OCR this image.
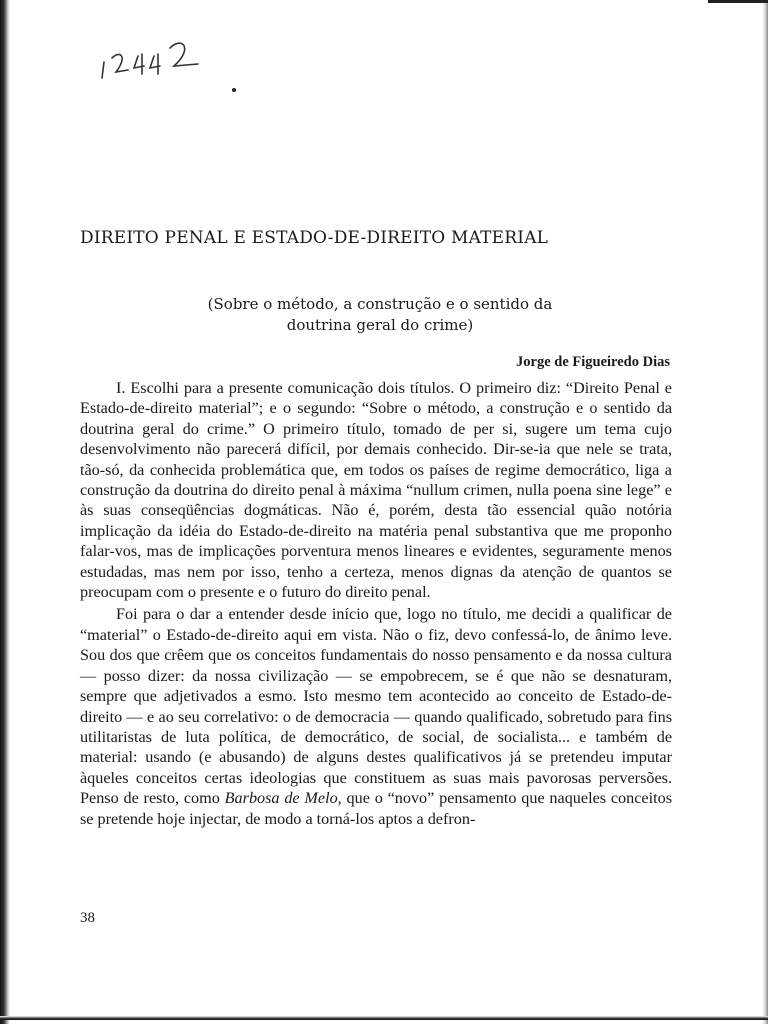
DIREITO PENAL E ESTADO-DE-DIREITO MATERIAL
(Sobre o método, a construção e o sentido da
doutrina geral do crime)
Jorge de Figueiredo Dias

I. Escolhi para a presente comunicação dois títulos. O primeiro diz: “Direito Penal e Estado-de-direito material”; e o segundo: “Sobre o método, a construção e o sentido da doutrina geral do crime.” O primeiro título, tomado de per si, sugere um tema cujo desenvolvimento não parecerá difícil, por demais conhecido. Dir-se-ia que nele se trata, tão-só, da conhecida problemática que, em todos os países de regime democrático, liga a construção da doutrina do direito penal à máxima “nullum crimen, nulla poena sine lege” e às suas conseqüências dogmáticas. Não é, porém, desta tão essencial quão notória implicação da idéia do Estado-de-direito na matéria penal substantiva que me proponho falar-vos, mas de implicações porventura menos lineares e evidentes, seguramente menos estudadas, mas nem por isso, tenho a certeza, menos dignas da atenção de quantos se preocupam com o presente e o futuro do direito penal.

Foi para o dar a entender desde início que, logo no título, me decidi a qualificar de “material” o Estado-de-direito aqui em vista. Não o fiz, devo confessá-lo, de ânimo leve. Sou dos que crêem que os conceitos fundamentais do nosso pensamento e da nossa cultura — posso dizer: da nossa civilização — se empobrecem, se é que não se desnaturam, sempre que adjetivados a esmo. Isto mesmo tem acontecido ao conceito de Estado-de-direito — e ao seu correlativo: o de democracia — quando qualificado, sobretudo para fins utilitaristas de luta política, de democrático, de social, de socialista... e também de material: usando (e abusando) de alguns destes qualificativos já se pretendeu imputar àqueles conceitos certas ideologias que constituem as suas mais pavorosas perversões. Penso de resto, como Barbosa de Melo, que o “novo” pensamento que naqueles conceitos se pretende hoje injectar, de modo a torná-los aptos a defron-

38
